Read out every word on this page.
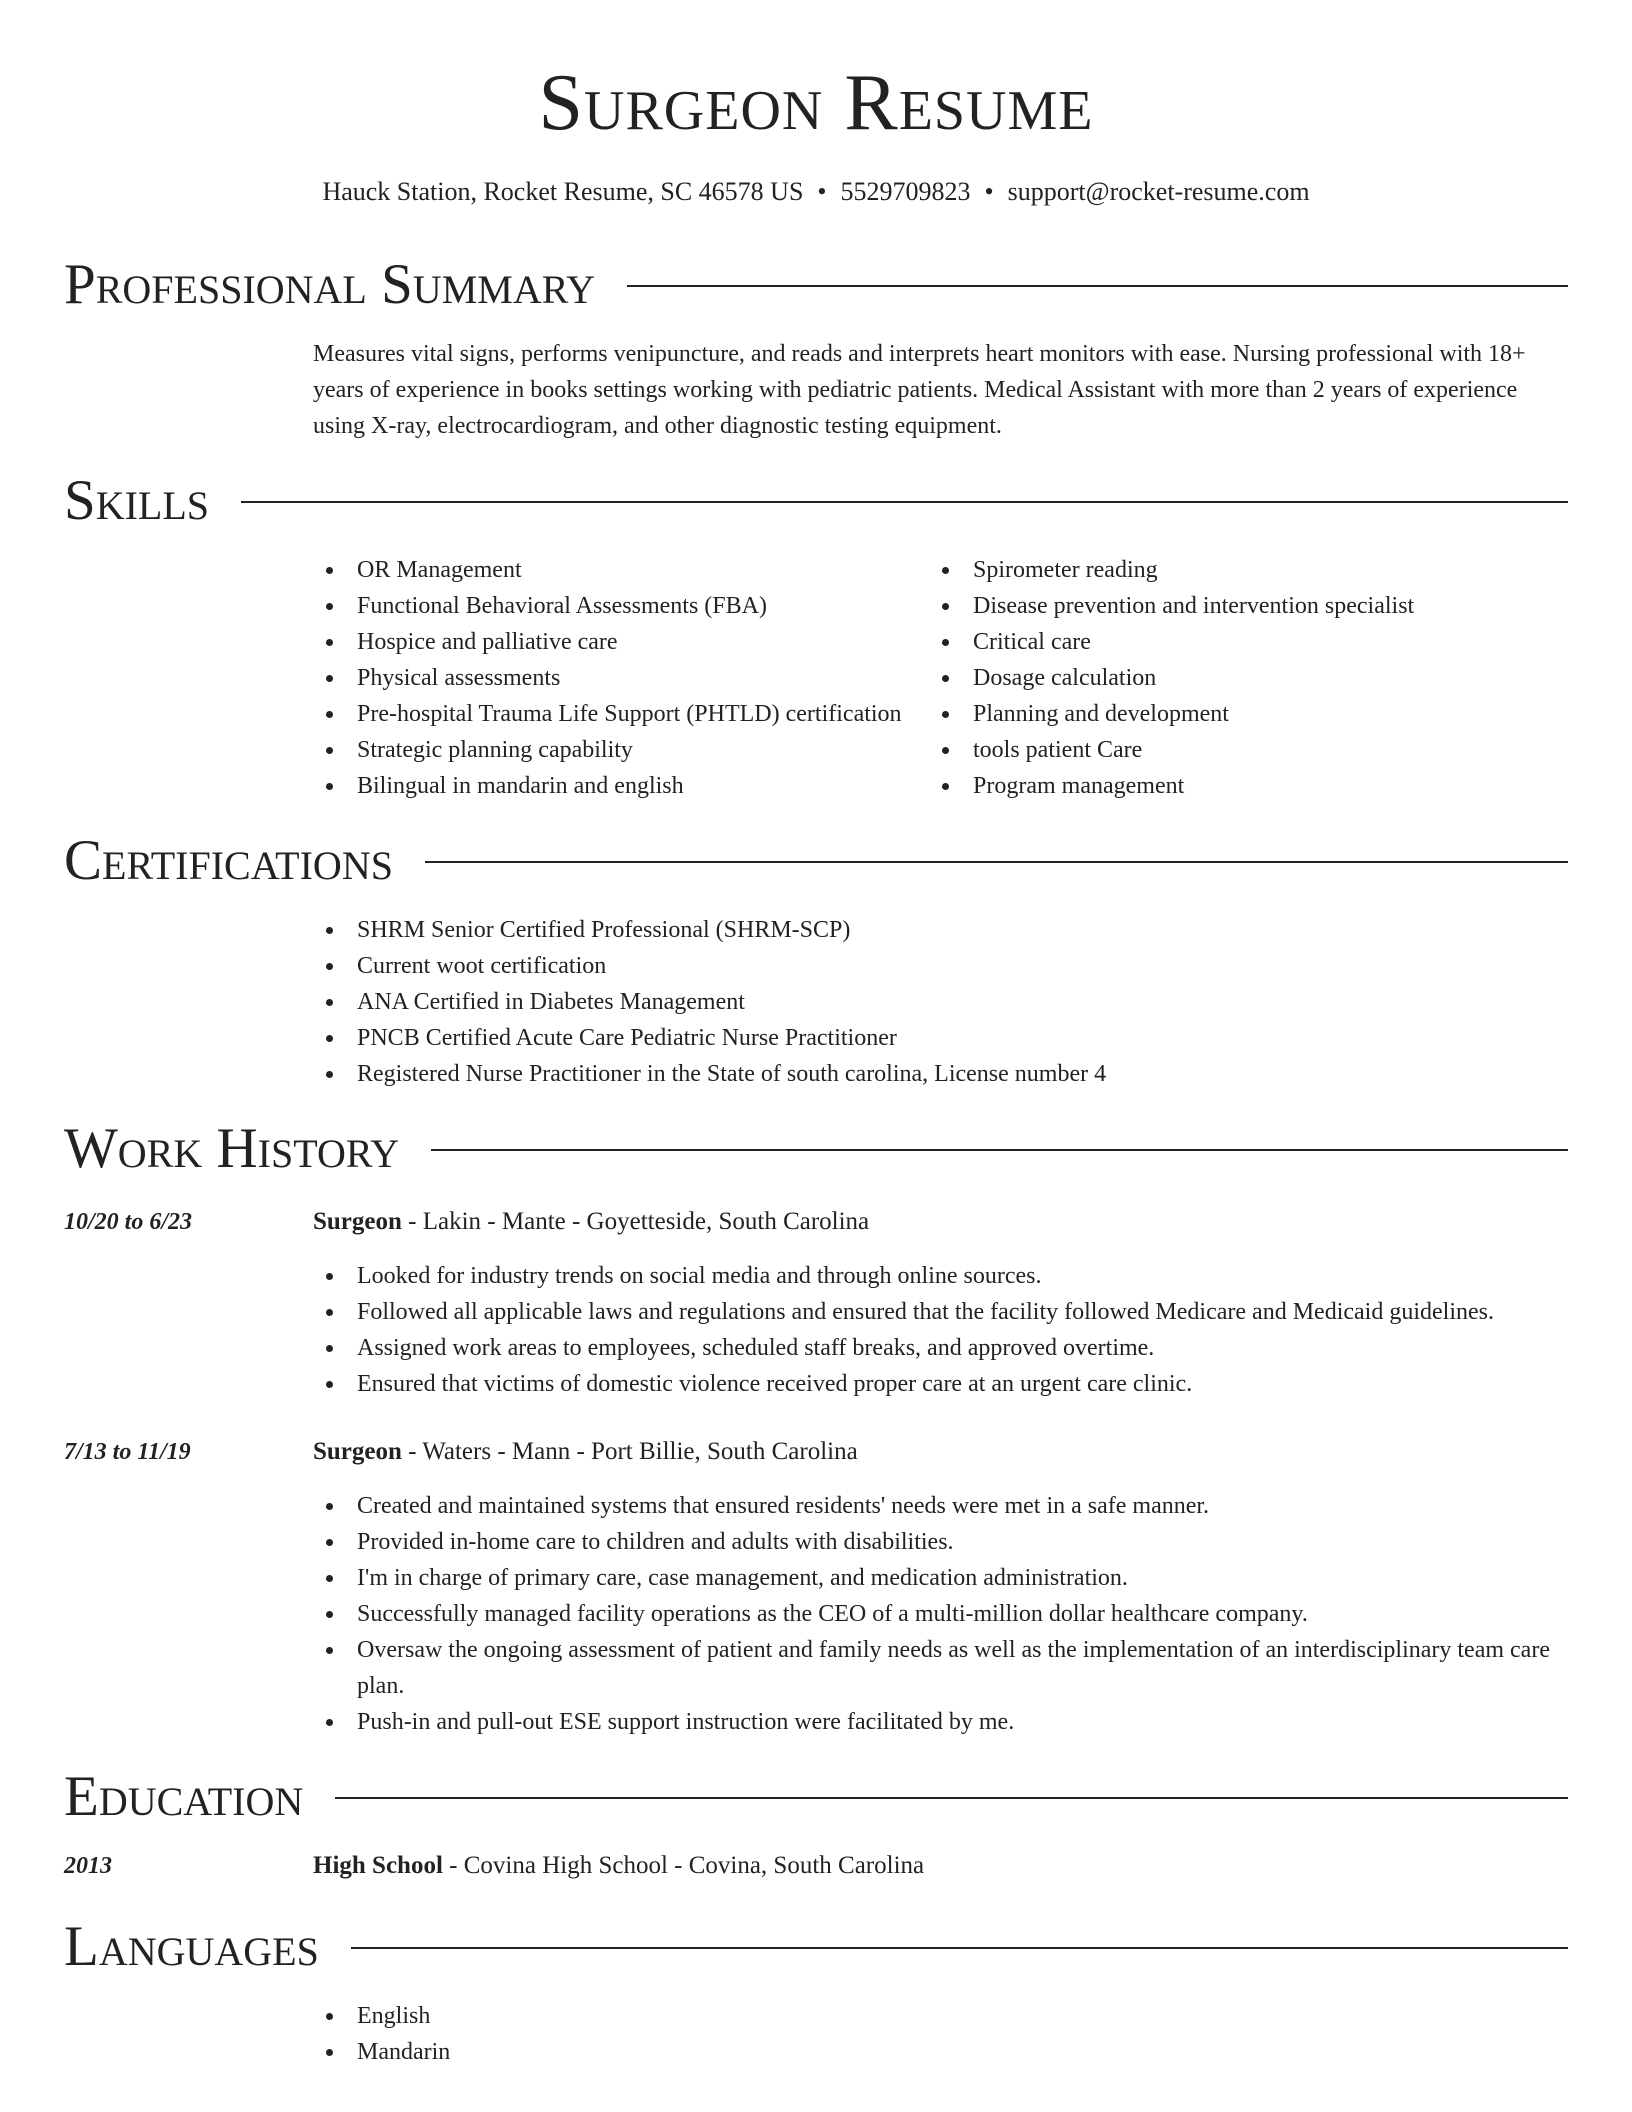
Surgeon Resume
Hauck Station, Rocket Resume, SC 46578 US • 5529709823 • support@rocket-resume.com
Professional Summary
Measures vital signs, performs venipuncture, and reads and interprets heart monitors with ease. Nursing professional with 18+ years of experience in books settings working with pediatric patients. Medical Assistant with more than 2 years of experience using X-ray, electrocardiogram, and other diagnostic testing equipment.
Skills
OR Management
Functional Behavioral Assessments (FBA)
Hospice and palliative care
Physical assessments
Pre-hospital Trauma Life Support (PHTLD) certification
Strategic planning capability
Bilingual in mandarin and english
Spirometer reading
Disease prevention and intervention specialist
Critical care
Dosage calculation
Planning and development
tools patient Care
Program management
Certifications
SHRM Senior Certified Professional (SHRM-SCP)
Current woot certification
ANA Certified in Diabetes Management
PNCB Certified Acute Care Pediatric Nurse Practitioner
Registered Nurse Practitioner in the State of south carolina, License number 4
Work History
10/20 to 6/23	Surgeon - Lakin - Mante - Goyetteside, South Carolina
Looked for industry trends on social media and through online sources.
Followed all applicable laws and regulations and ensured that the facility followed Medicare and Medicaid guidelines.
Assigned work areas to employees, scheduled staff breaks, and approved overtime.
Ensured that victims of domestic violence received proper care at an urgent care clinic.
7/13 to 11/19	Surgeon - Waters - Mann - Port Billie, South Carolina
Created and maintained systems that ensured residents' needs were met in a safe manner.
Provided in-home care to children and adults with disabilities.
I'm in charge of primary care, case management, and medication administration.
Successfully managed facility operations as the CEO of a multi-million dollar healthcare company.
Oversaw the ongoing assessment of patient and family needs as well as the implementation of an interdisciplinary team care plan.
Push-in and pull-out ESE support instruction were facilitated by me.
Education
2013	High School - Covina High School - Covina, South Carolina
Languages
English
Mandarin
